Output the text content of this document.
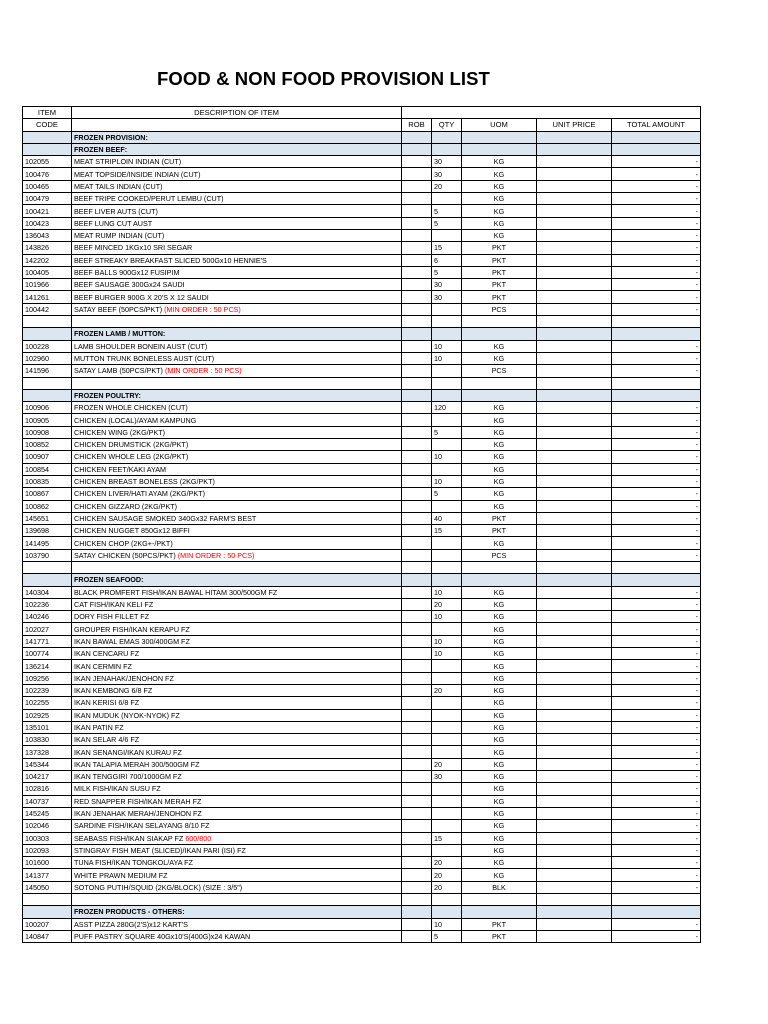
FOOD & NON FOOD PROVISION LIST
ITEM	DESCRIPTION OF ITEM					
CODE		ROB	QTY	UOM	UNIT PRICE	TOTAL AMOUNT
	FROZEN PROVISION:					
	FROZEN BEEF:					
102055	MEAT STRIPLOIN INDIAN (CUT)		30	KG		-
100476	MEAT TOPSIDE/INSIDE INDIAN (CUT)		30	KG		-
100465	MEAT TAILS INDIAN (CUT)		20	KG		-
100479	BEEF TRIPE COOKED/PERUT LEMBU (CUT)			KG		-
100421	BEEF LIVER AUTS (CUT)		5	KG		-
100423	BEEF LUNG CUT AUST		5	KG		-
136043	MEAT RUMP INDIAN (CUT)			KG		-
143826	BEEF MINCED 1KGx10 SRI SEGAR		15	PKT		-
142202	BEEF STREAKY BREAKFAST SLICED 500Gx10 HENNIE'S		6	PKT		-
100405	BEEF BALLS 900Gx12 FUSIPIM		5	PKT		-
101966	BEEF SAUSAGE 300Gx24 SAUDI		30	PKT		-
141261	BEEF BURGER 900G X 20'S X 12 SAUDI		30	PKT		-
100442	SATAY BEEF (50PCS/PKT) (MIN ORDER : 50 PCS)			PCS		-

	FROZEN LAMB / MUTTON:					
100228	LAMB SHOULDER BONEIN AUST (CUT)		10	KG		-
102960	MUTTON TRUNK BONELESS AUST (CUT)		10	KG		-
141596	SATAY LAMB (50PCS/PKT) (MIN ORDER : 50 PCS)			PCS		-

	FROZEN POULTRY:					
100906	FROZEN WHOLE CHICKEN (CUT)		120	KG		-
100905	CHICKEN (LOCAL)/AYAM KAMPUNG			KG		-
100908	CHICKEN WING (2KG/PKT)		5	KG		-
100852	CHICKEN DRUMSTICK (2KG/PKT)			KG		-
100907	CHICKEN WHOLE LEG (2KG/PKT)		10	KG		-
100854	CHICKEN FEET/KAKI AYAM			KG		-
100835	CHICKEN BREAST BONELESS (2KG/PKT)		10	KG		-
100867	CHICKEN LIVER/HATI AYAM (2KG/PKT)		5	KG		-
100862	CHICKEN GIZZARD (2KG/PKT)			KG		-
145651	CHICKEN SAUSAGE SMOKED 340Gx32 FARM'S BEST		40	PKT		-
139698	CHICKEN NUGGET 850Gx12 BIFFI		15	PKT		-
141495	CHICKEN CHOP (2KG+-/PKT)			KG		-
103790	SATAY CHICKEN (50PCS/PKT) (MIN ORDER : 50 PCS)			PCS		-

	FROZEN SEAFOOD:					
140304	BLACK PROMFERT FISH/IKAN BAWAL HITAM 300/500GM FZ		10	KG		-
102236	CAT FISH/IKAN KELI FZ		20	KG		-
140246	DORY FISH FILLET FZ		10	KG		-
102027	GROUPER FISH/IKAN KERAPU FZ			KG		-
141771	IKAN BAWAL EMAS 300/400GM FZ		10	KG		-
100774	IKAN CENCARU FZ		10	KG		-
136214	IKAN CERMIN FZ			KG		-
109256	IKAN JENAHAK/JENOHON FZ			KG		-
102239	IKAN KEMBONG 6/8 FZ		20	KG		-
102255	IKAN KERISI 6/8 FZ			KG		-
102925	IKAN MUDUK (NYOK-NYOK) FZ			KG		-
135101	IKAN PATIN FZ			KG		-
103830	IKAN SELAR 4/6 FZ			KG		-
137328	IKAN SENANGI/IKAN KURAU FZ			KG		-
145344	IKAN TALAPIA MERAH 300/500GM FZ		20	KG		-
104217	IKAN TENGGIRI 700/1000GM FZ		30	KG		-
102816	MILK FISH/IKAN SUSU FZ			KG		-
140737	RED SNAPPER FISH/IKAN MERAH FZ			KG		-
145245	IKAN JENAHAK MERAH/JENOHON FZ			KG		-
102046	SARDINE FISH/IKAN SELAYANG 8/10 FZ			KG		-
100303	SEABASS FISH/IKAN SIAKAP FZ 600/800		15	KG		-
102093	STINGRAY FISH MEAT (SLICED)/IKAN PARI (ISI) FZ			KG		-
101600	TUNA FISH/IKAN TONGKOL/AYA FZ		20	KG		-
141377	WHITE PRAWN MEDIUM FZ		20	KG		-
145050	SOTONG PUTIH/SQUID (2KG/BLOCK) (SIZE : 3/5")		20	BLK		-

	FROZEN PRODUCTS - OTHERS:					
100207	ASST PIZZA 280G(2'S)x12 KART'S		10	PKT		-
140847	PUFF PASTRY SQUARE 40Gx10'S(400G)x24 KAWAN		5	PKT		-
